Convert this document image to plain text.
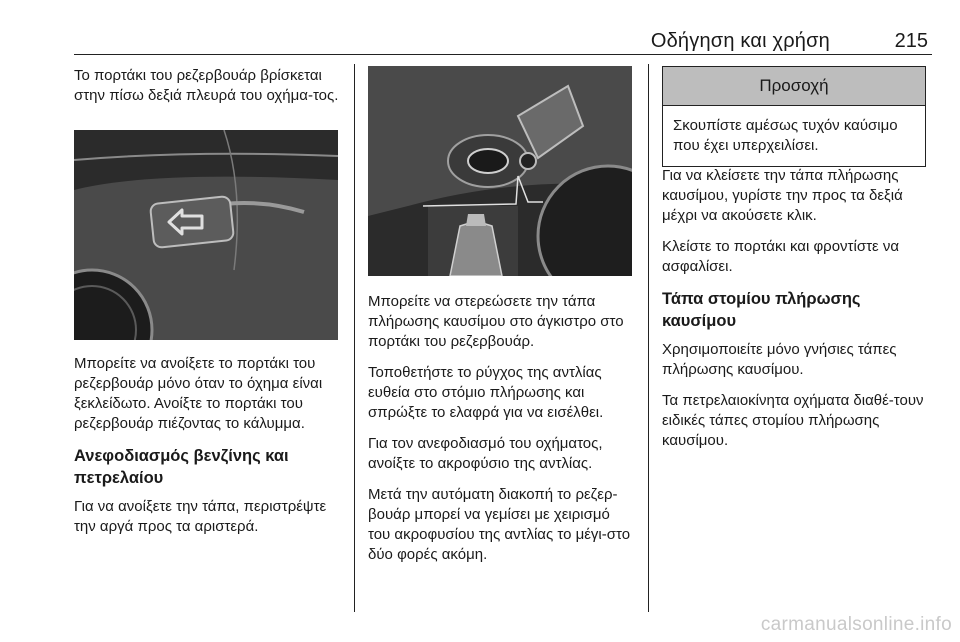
Οδήγηση και χρήση	215

Το πορτάκι του ρεζερβουάρ βρίσκεται στην πίσω δεξιά πλευρά του οχήμα-τος.

Μπορείτε να ανοίξετε το πορτάκι του ρεζερβουάρ μόνο όταν το όχημα είναι ξεκλείδωτο. Ανοίξτε το πορτάκι του ρεζερβουάρ πιέζοντας το κάλυμμα.

Ανεφοδιασμός βενζίνης και πετρελαίου

Για να ανοίξετε την τάπα, περιστρέψτε την αργά προς τα αριστερά.

Μπορείτε να στερεώσετε την τάπα πλήρωσης καυσίμου στο άγκιστρο στο πορτάκι του ρεζερβουάρ.

Τοποθετήστε το ρύγχος της αντλίας ευθεία στο στόμιο πλήρωσης και σπρώξτε το ελαφρά για να εισέλθει.

Για τον ανεφοδιασμό του οχήματος, ανοίξτε το ακροφύσιο της αντλίας.

Μετά την αυτόματη διακοπή το ρεζερ-βουάρ μπορεί να γεμίσει με χειρισμό του ακροφυσίου της αντλίας το μέγι-στο δύο φορές ακόμη.

Προσοχή
Σκουπίστε αμέσως τυχόν καύσιμο που έχει υπερχειλίσει.

Για να κλείσετε την τάπα πλήρωσης καυσίμου, γυρίστε την προς τα δεξιά μέχρι να ακούσετε κλικ.

Κλείστε το πορτάκι και φροντίστε να ασφαλίσει.

Τάπα στομίου πλήρωσης καυσίμου

Χρησιμοποιείτε μόνο γνήσιες τάπες πλήρωσης καυσίμου.

Τα πετρελαιοκίνητα οχήματα διαθέ-τουν ειδικές τάπες στομίου πλήρωσης καυσίμου.

carmanualsonline.info
